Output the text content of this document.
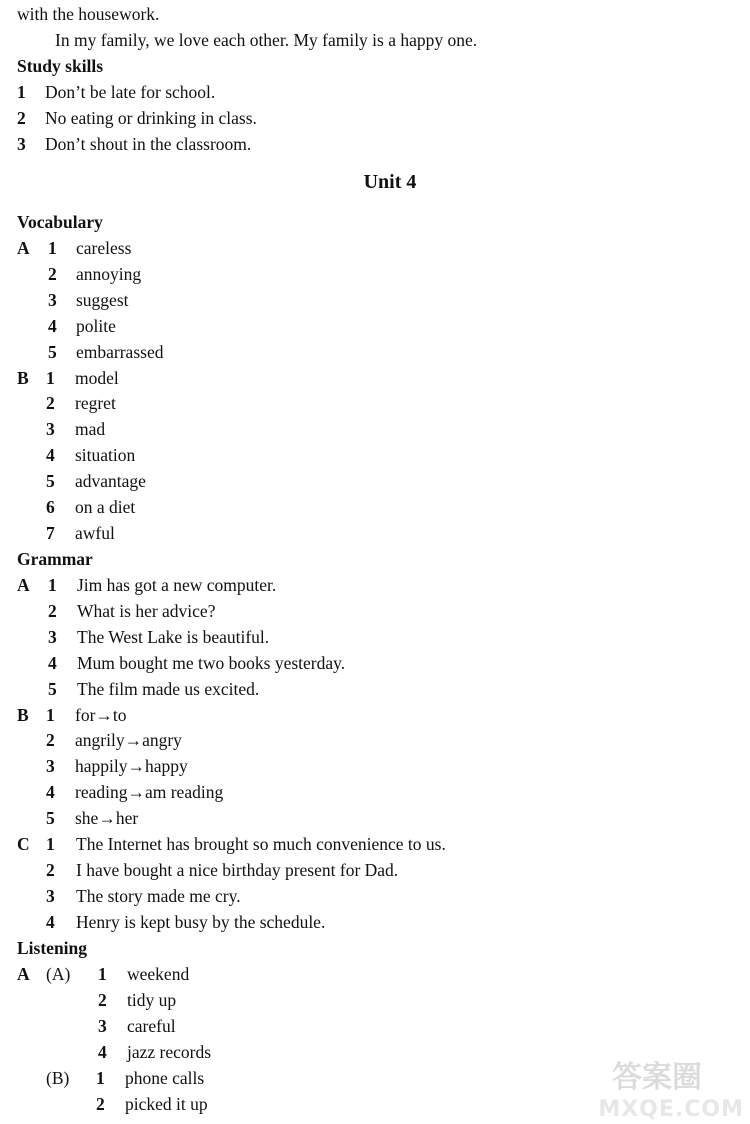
with the housework.
In my family, we love each other. My family is a happy one.
Study skills
1 Don’t be late for school.
2 No eating or drinking in class.
3 Don’t shout in the classroom.
Unit 4
Vocabulary
A 1 careless
2 annoying
3 suggest
4 polite
5 embarrassed
B 1 model
2 regret
3 mad
4 situation
5 advantage
6 on a diet
7 awful
Grammar
A 1 Jim has got a new computer.
2 What is her advice?
3 The West Lake is beautiful.
4 Mum bought me two books yesterday.
5 The film made us excited.
B 1 for→to
2 angrily→angry
3 happily→happy
4 reading→am reading
5 she→her
C 1 The Internet has brought so much convenience to us.
2 I have bought a nice birthday present for Dad.
3 The story made me cry.
4 Henry is kept busy by the schedule.
Listening
A (A) 1 weekend
2 tidy up
3 careful
4 jazz records
(B) 1 phone calls
2 picked it up
答案圈
MXQE.COM
